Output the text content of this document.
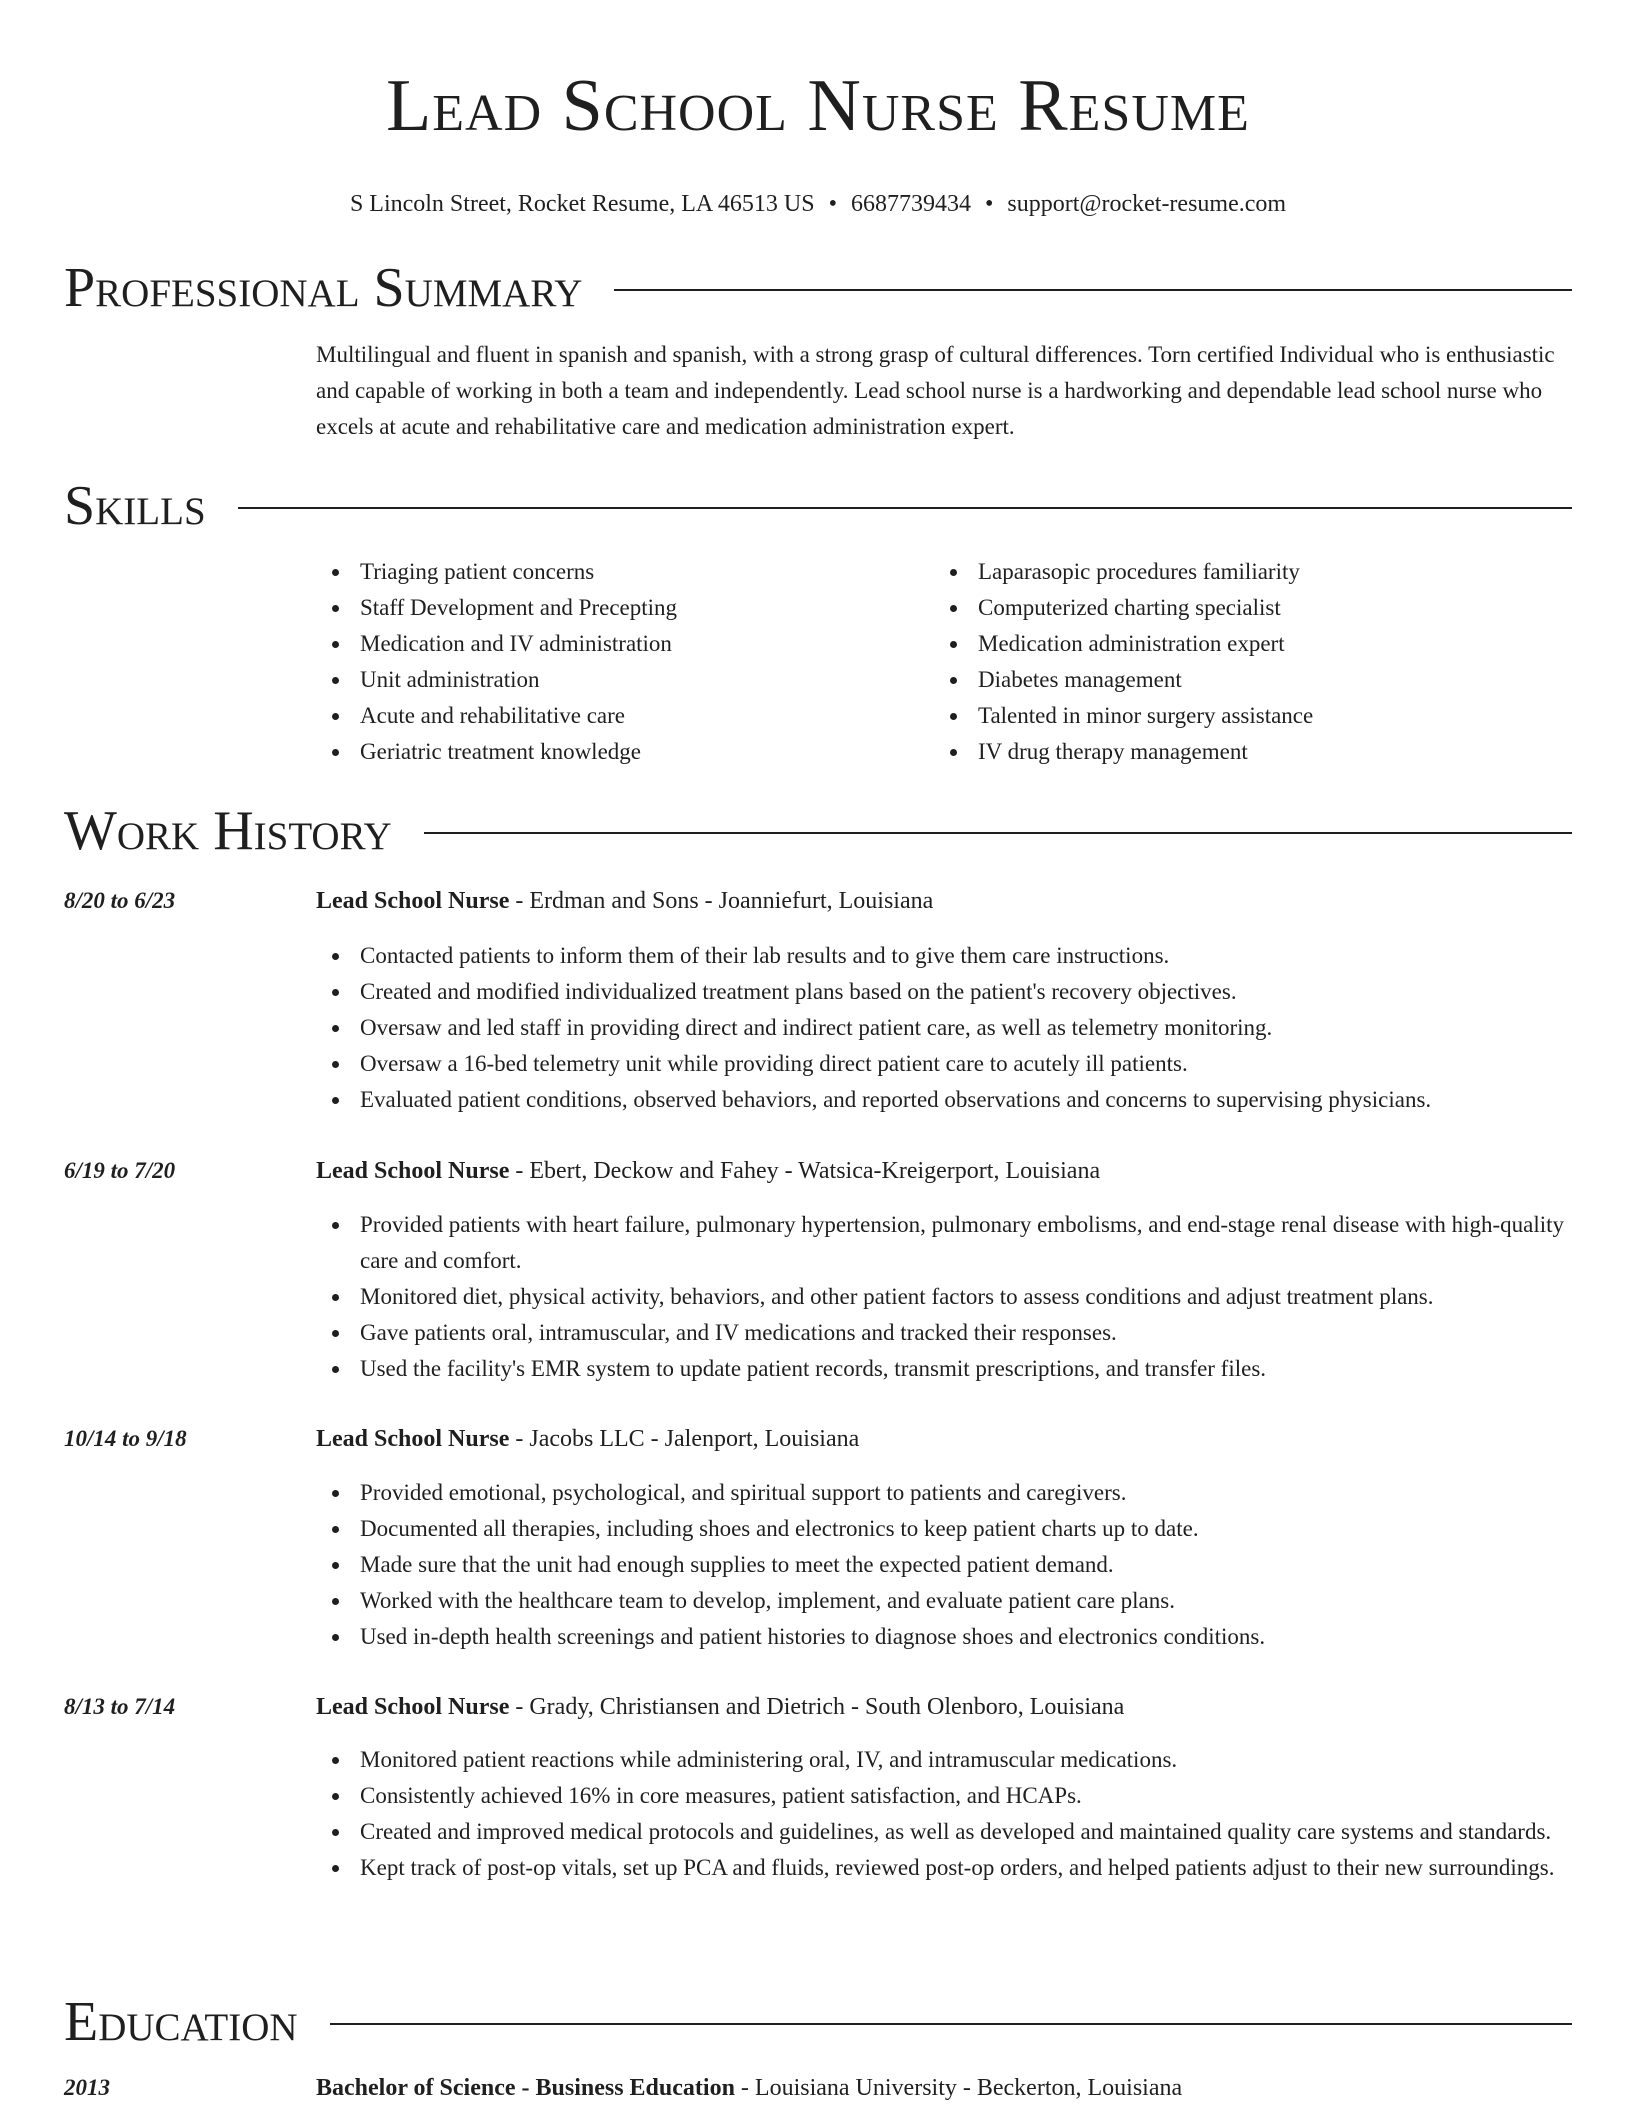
Lead School Nurse Resume
S Lincoln Street, Rocket Resume, LA 46513 US • 6687739434 • support@rocket-resume.com
Professional Summary
Multilingual and fluent in spanish and spanish, with a strong grasp of cultural differences. Torn certified Individual who is enthusiastic and capable of working in both a team and independently. Lead school nurse is a hardworking and dependable lead school nurse who excels at acute and rehabilitative care and medication administration expert.
Skills
Triaging patient concerns
Staff Development and Precepting
Medication and IV administration
Unit administration
Acute and rehabilitative care
Geriatric treatment knowledge
Laparasopic procedures familiarity
Computerized charting specialist
Medication administration expert
Diabetes management
Talented in minor surgery assistance
IV drug therapy management
Work History
8/20 to 6/23	Lead School Nurse - Erdman and Sons - Joanniefurt, Louisiana
Contacted patients to inform them of their lab results and to give them care instructions.
Created and modified individualized treatment plans based on the patient's recovery objectives.
Oversaw and led staff in providing direct and indirect patient care, as well as telemetry monitoring.
Oversaw a 16-bed telemetry unit while providing direct patient care to acutely ill patients.
Evaluated patient conditions, observed behaviors, and reported observations and concerns to supervising physicians.
6/19 to 7/20	Lead School Nurse - Ebert, Deckow and Fahey - Watsica-Kreigerport, Louisiana
Provided patients with heart failure, pulmonary hypertension, pulmonary embolisms, and end-stage renal disease with high-quality care and comfort.
Monitored diet, physical activity, behaviors, and other patient factors to assess conditions and adjust treatment plans.
Gave patients oral, intramuscular, and IV medications and tracked their responses.
Used the facility's EMR system to update patient records, transmit prescriptions, and transfer files.
10/14 to 9/18	Lead School Nurse - Jacobs LLC - Jalenport, Louisiana
Provided emotional, psychological, and spiritual support to patients and caregivers.
Documented all therapies, including shoes and electronics to keep patient charts up to date.
Made sure that the unit had enough supplies to meet the expected patient demand.
Worked with the healthcare team to develop, implement, and evaluate patient care plans.
Used in-depth health screenings and patient histories to diagnose shoes and electronics conditions.
8/13 to 7/14	Lead School Nurse - Grady, Christiansen and Dietrich - South Olenboro, Louisiana
Monitored patient reactions while administering oral, IV, and intramuscular medications.
Consistently achieved 16% in core measures, patient satisfaction, and HCAPs.
Created and improved medical protocols and guidelines, as well as developed and maintained quality care systems and standards.
Kept track of post-op vitals, set up PCA and fluids, reviewed post-op orders, and helped patients adjust to their new surroundings.
Education
2013	Bachelor of Science - Business Education - Louisiana University - Beckerton, Louisiana
